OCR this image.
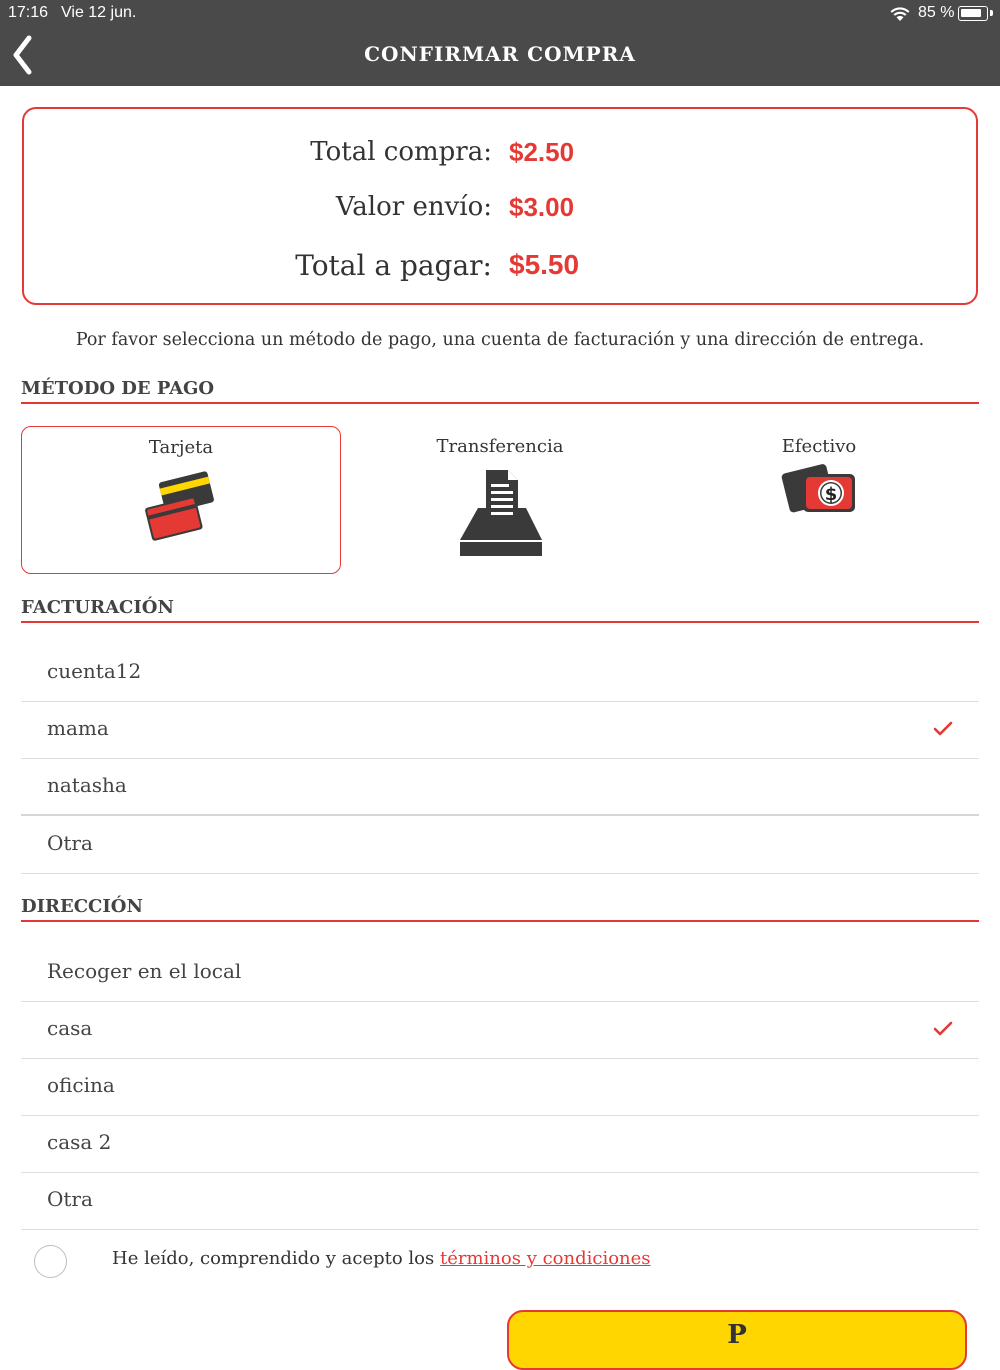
17:16 Vie 12 jun.	85 %
CONFIRMAR COMPRA
Total compra: $2.50
Valor envío: $3.00
Total a pagar: $5.50
Por favor selecciona un método de pago, una cuenta de facturación y una dirección de entrega.
MÉTODO DE PAGO
Tarjeta	Transferencia	Efectivo
$
FACTURACIÓN
cuenta12
mama
natasha
Otra
DIRECCIÓN
Recoger en el local
casa
oficina
casa 2
Otra
He leído, comprendido y acepto los términos y condiciones
P
